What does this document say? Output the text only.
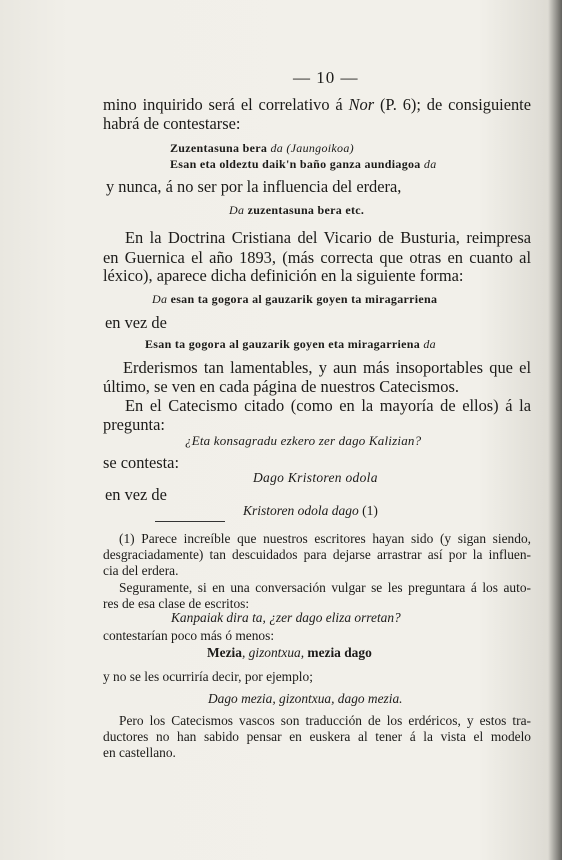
— 10 —
mino inquirido será el correlativo á Nor (P. 6); de consiguiente
habrá de contestarse:
Zuzentasuna bera da (Jaungoikoa)
Esan eta oldeztu daik'n baño ganza aundiagoa da
y nunca, á no ser por la influencia del erdera,
Da zuzentasuna bera etc.
En la Doctrina Cristiana del Vicario de Busturia, reimpresa
en Guernica el año 1893, (más correcta que otras en cuanto al
léxico), aparece dicha definición en la siguiente forma:
Da esan ta gogora al gauzarik goyen ta miragarriena
en vez de
Esan ta gogora al gauzarik goyen eta miragarriena da
Erderismos tan lamentables, y aun más insoportables que el
último, se ven en cada página de nuestros Catecismos.
En el Catecismo citado (como en la mayoría de ellos) á la
pregunta:
¿Eta konsagradu ezkero zer dago Kalizian?
se contesta:
Dago Kristoren odola
en vez de
Kristoren odola dago (1)
(1) Parece increíble que nuestros escritores hayan sido (y sigan siendo,
desgraciadamente) tan descuidados para dejarse arrastrar así por la influen-
cia del erdera.
Seguramente, si en una conversación vulgar se les preguntara á los auto-
res de esa clase de escritos:
Kanpaiak dira ta, ¿zer dago eliza orretan?
contestarían poco más ó menos:
Mezia, gizontxua, mezia dago
y no se les ocurriría decir, por ejemplo;
Dago mezia, gizontxua, dago mezia.
Pero los Catecismos vascos son traducción de los erdéricos, y estos tra-
ductores no han sabido pensar en euskera al tener á la vista el modelo
en castellano.
